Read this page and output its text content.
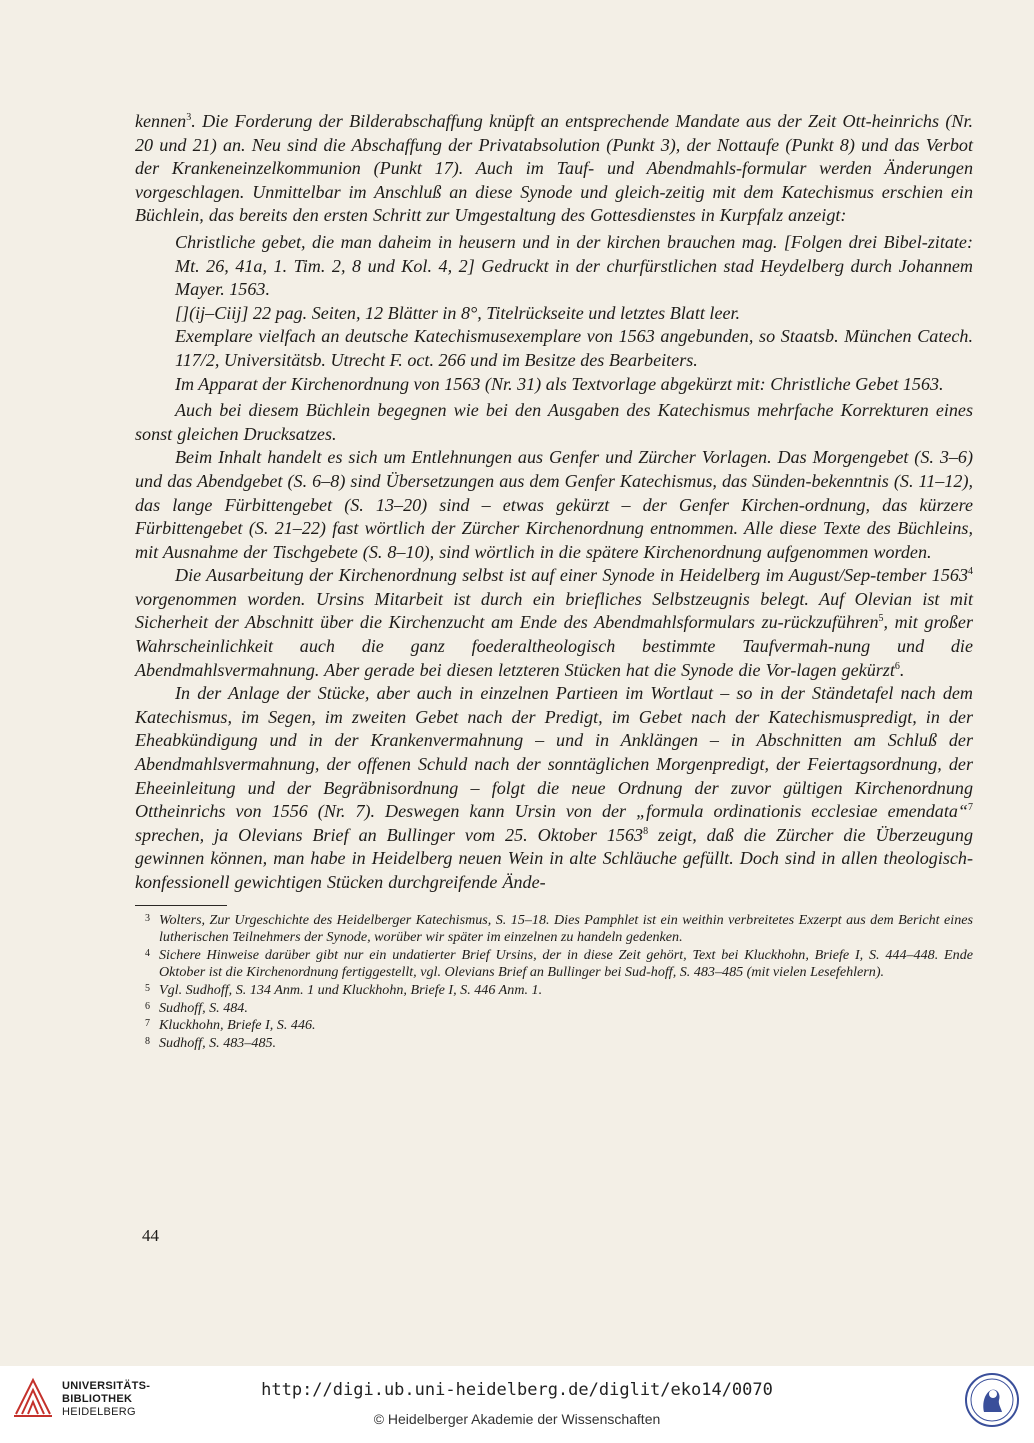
kennen$^3$. Die Forderung der Bilderabschaffung knüpft an entsprechende Mandate aus der Zeit Ott-heinrichs (Nr. 20 und 21) an. Neu sind die Abschaffung der Privatabsolution (Punkt 3), der Nottaufe (Punkt 8) und das Verbot der Krankeneinzelkommunion (Punkt 17). Auch im Tauf- und Abendmahls-formular werden Änderungen vorgeschlagen. Unmittelbar im Anschluß an diese Synode und gleich-zeitig mit dem Katechismus erschien ein Büchlein, das bereits den ersten Schritt zur Umgestaltung des Gottesdienstes in Kurpfalz anzeigt:

Christliche gebet, die man daheim in heusern und in der kirchen brauchen mag. [Folgen drei Bibel-zitate: Mt. 26, 41a, 1. Tim. 2, 8 und Kol. 4, 2] Gedruckt in der churfürstlichen stad Heydelberg durch Johannem Mayer. 1563.

[](ij–Ciij] 22 pag. Seiten, 12 Blätter in 8°, Titelrückseite und letztes Blatt leer.

Exemplare vielfach an deutsche Katechismusexemplare von 1563 angebunden, so Staatsb. München Catech. 117/2, Universitätsb. Utrecht F. oct. 266 und im Besitze des Bearbeiters.

Im Apparat der Kirchenordnung von 1563 (Nr. 31) als Textvorlage abgekürzt mit: Christliche Gebet 1563.

Auch bei diesem Büchlein begegnen wie bei den Ausgaben des Katechismus mehrfache Korrekturen eines sonst gleichen Drucksatzes.

Beim Inhalt handelt es sich um Entlehnungen aus Genfer und Zürcher Vorlagen. Das Morgengebet (S. 3–6) und das Abendgebet (S. 6–8) sind Übersetzungen aus dem Genfer Katechismus, das Sünden-bekenntnis (S. 11–12), das lange Fürbittengebet (S. 13–20) sind – etwas gekürzt – der Genfer Kirchen-ordnung, das kürzere Fürbittengebet (S. 21–22) fast wörtlich der Zürcher Kirchenordnung entnommen. Alle diese Texte des Büchleins, mit Ausnahme der Tischgebete (S. 8–10), sind wörtlich in die spätere Kirchenordnung aufgenommen worden.

Die Ausarbeitung der Kirchenordnung selbst ist auf einer Synode in Heidelberg im August/Sep-tember 1563$^4$ vorgenommen worden. Ursins Mitarbeit ist durch ein briefliches Selbstzeugnis belegt. Auf Olevian ist mit Sicherheit der Abschnitt über die Kirchenzucht am Ende des Abendmahlsformulars zu-rückzuführen$^5$, mit großer Wahrscheinlichkeit auch die ganz foederaltheologisch bestimmte Taufvermah-nung und die Abendmahlsvermahnung. Aber gerade bei diesen letzteren Stücken hat die Synode die Vor-lagen gekürzt$^6$.

In der Anlage der Stücke, aber auch in einzelnen Partieen im Wortlaut – so in der Ständetafel nach dem Katechismus, im Segen, im zweiten Gebet nach der Predigt, im Gebet nach der Katechismuspredigt, in der Eheabkündigung und in der Krankenvermahnung – und in Anklängen – in Abschnitten am Schluß der Abendmahlsvermahnung, der offenen Schuld nach der sonntäglichen Morgenpredigt, der Feiertagsordnung, der Eheeinleitung und der Begräbnisordnung – folgt die neue Ordnung der zuvor gültigen Kirchenordnung Ottheinrichs von 1556 (Nr. 7). Deswegen kann Ursin von der „formula ordinationis ecclesiae emendata“$^7$ sprechen, ja Olevians Brief an Bullinger vom 25. Oktober 1563$^8$ zeigt, daß die Zürcher die Überzeugung gewinnen können, man habe in Heidelberg neuen Wein in alte Schläuche gefüllt. Doch sind in allen theologisch-konfessionell gewichtigen Stücken durchgreifende Ände-

3 Wolters, Zur Urgeschichte des Heidelberger Katechismus, S. 15–18. Dies Pamphlet ist ein weithin verbreitetes Exzerpt aus dem Bericht eines lutherischen Teilnehmers der Synode, worüber wir später im einzelnen zu handeln gedenken.
4 Sichere Hinweise darüber gibt nur ein undatierter Brief Ursins, der in diese Zeit gehört, Text bei Kluckhohn, Briefe I, S. 444–448. Ende Oktober ist die Kirchenordnung fertiggestellt, vgl. Olevians Brief an Bullinger bei Sud-hoff, S. 483–485 (mit vielen Lesefehlern).
5 Vgl. Sudhoff, S. 134 Anm. 1 und Kluckhohn, Briefe I, S. 446 Anm. 1.
6 Sudhoff, S. 484.
7 Kluckhohn, Briefe I, S. 446.
8 Sudhoff, S. 483–485.
44
UNIVERSITÄTS-
BIBLIOTHEK
HEIDELBERG
http://digi.ub.uni-heidelberg.de/diglit/eko14/0070
© Heidelberger Akademie der Wissenschaften
